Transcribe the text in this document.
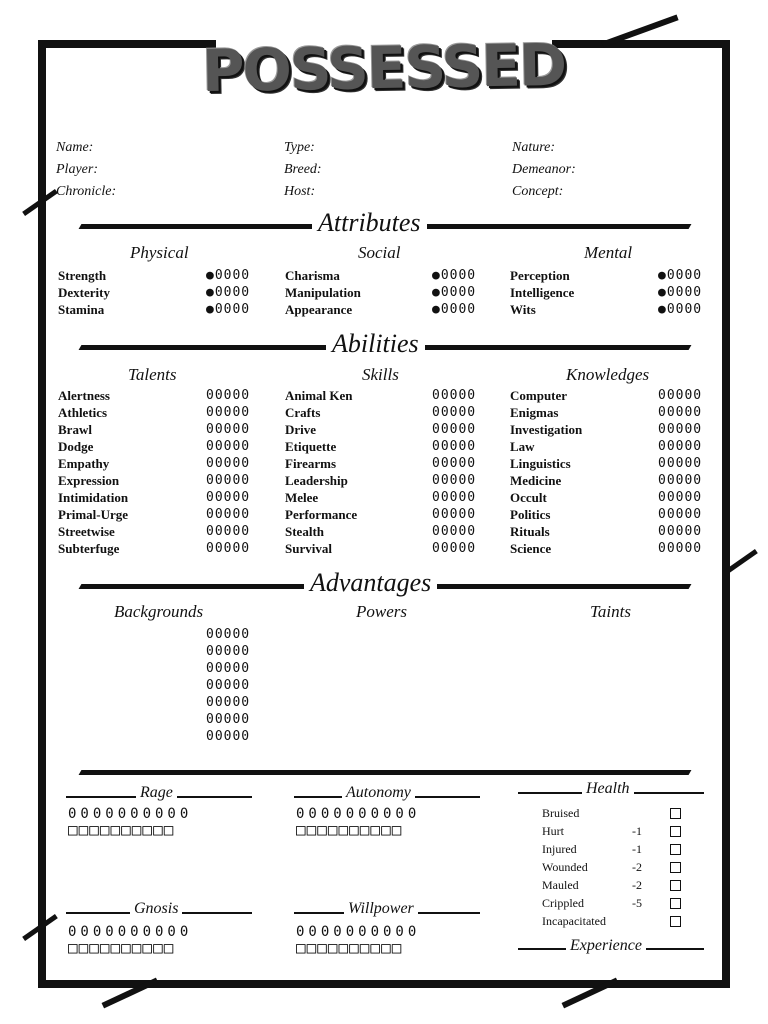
POSSESSED
Name:
Player:
Chronicle:
Type:
Breed:
Host:
Nature:
Demeanor:
Concept:
Attributes
Physical	Social	Mental
Strength	●0000
Dexterity	●0000
Stamina	●0000
Charisma	●0000
Manipulation	●0000
Appearance	●0000
Perception	●0000
Intelligence	●0000
Wits	●0000
Abilities
Talents	Skills	Knowledges
Alertness	00000
Athletics	00000
Brawl	00000
Dodge	00000
Empathy	00000
Expression	00000
Intimidation	00000
Primal-Urge	00000
Streetwise	00000
Subterfuge	00000
Animal Ken	00000
Crafts	00000
Drive	00000
Etiquette	00000
Firearms	00000
Leadership	00000
Melee	00000
Performance	00000
Stealth	00000
Survival	00000
Computer	00000
Enigmas	00000
Investigation	00000
Law	00000
Linguistics	00000
Medicine	00000
Occult	00000
Politics	00000
Rituals	00000
Science	00000
Advantages
Backgrounds	Powers	Taints
00000
00000
00000
00000
00000
00000
00000
Rage
0000000000
□□□□□□□□□□
Autonomy
0000000000
□□□□□□□□□□
Gnosis
0000000000
□□□□□□□□□□
Willpower
0000000000
□□□□□□□□□□
Health
Bruised
Hurt	-1
Injured	-1
Wounded	-2
Mauled	-2
Crippled	-5
Incapacitated
Experience
